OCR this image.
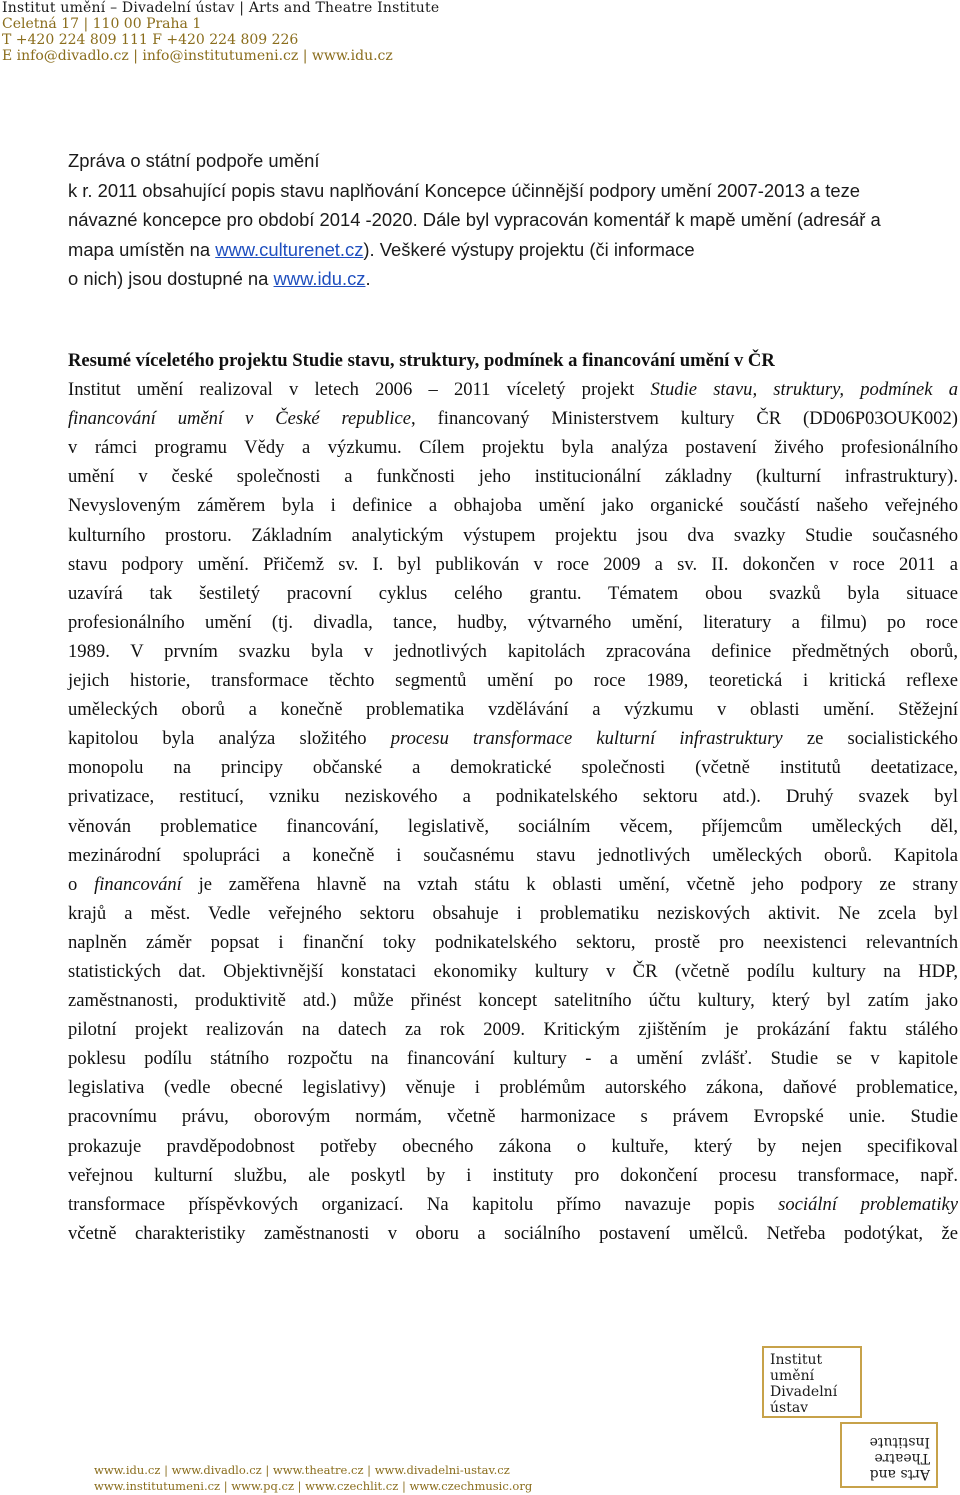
Institut umění – Divadelní ústav | Arts and Theatre Institute
Celetná 17 | 110 00 Praha 1
T +420 224 809 111 F +420 224 809 226
E info@divadlo.cz | info@institutumeni.cz | www.idu.cz
Zpráva o státní podpoře umění
k r. 2011 obsahující popis stavu naplňování Koncepce účinnější podpory umění 2007-2013 a teze
návazné koncepce pro období 2014 -2020. Dále byl vypracován komentář k mapě umění (adresář a
mapa umístěn na www.culturenet.cz). Veškeré výstupy projektu (či informace
o nich) jsou dostupné na www.idu.cz.
Resumé víceletého projektu Studie stavu, struktury, podmínek a financování umění v ČR
Institut umění realizoval v letech 2006 – 2011 víceletý projekt Studie stavu, struktury, podmínek a
financování umění v České republice, financovaný Ministerstvem kultury ČR (DD06P03OUK002)
v rámci programu Vědy a výzkumu. Cílem projektu byla analýza postavení živého profesionálního
umění v české společnosti a funkčnosti jeho institucionální základny (kulturní infrastruktury).
Nevysloveným záměrem byla i definice a obhajoba umění jako organické součástí našeho veřejného
kulturního prostoru. Základním analytickým výstupem projektu jsou dva svazky Studie současného
stavu podpory umění. Přičemž sv. I. byl publikován v roce 2009 a sv. II. dokončen v roce 2011 a
uzavírá tak šestiletý pracovní cyklus celého grantu. Tématem obou svazků byla situace
profesionálního umění (tj. divadla, tance, hudby, výtvarného umění, literatury a filmu) po roce
1989. V prvním svazku byla v jednotlivých kapitolách zpracována definice předmětných oborů,
jejich historie, transformace těchto segmentů umění po roce 1989, teoretická i kritická reflexe
uměleckých oborů a konečně problematika vzdělávání a výzkumu v oblasti umění. Stěžejní
kapitolou byla analýza složitého procesu transformace kulturní infrastruktury ze socialistického
monopolu na principy občanské a demokratické společnosti (včetně institutů deetatizace,
privatizace, restitucí, vzniku neziskového a podnikatelského sektoru atd.). Druhý svazek byl
věnován problematice financování, legislativě, sociálním věcem, příjemcům uměleckých děl,
mezinárodní spolupráci a konečně i současnému stavu jednotlivých uměleckých oborů. Kapitola
o financování je zaměřena hlavně na vztah státu k oblasti umění, včetně jeho podpory ze strany
krajů a měst. Vedle veřejného sektoru obsahuje i problematiku neziskových aktivit. Ne zcela byl
naplněn záměr popsat i finanční toky podnikatelského sektoru, prostě pro neexistenci relevantních
statistických dat. Objektivnější konstataci ekonomiky kultury v ČR (včetně podílu kultury na HDP,
zaměstnanosti, produktivitě atd.) může přinést koncept satelitního účtu kultury, který byl zatím jako
pilotní projekt realizován na datech za rok 2009. Kritickým zjištěním je prokázání faktu stálého
poklesu podílu státního rozpočtu na financování kultury - a umění zvlášť. Studie se v kapitole
legislativa (vedle obecné legislativy) věnuje i problémům autorského zákona, daňové problematice,
pracovnímu právu, oborovým normám, včetně harmonizace s právem Evropské unie. Studie
prokazuje pravděpodobnost potřeby obecného zákona o kultuře, který by nejen specifikoval
veřejnou kulturní službu, ale poskytl by i instituty pro dokončení procesu transformace, např.
transformace příspěvkových organizací. Na kapitolu přímo navazuje popis sociální problematiky
včetně charakteristiky zaměstnanosti v oboru a sociálního postavení umělců. Netřeba podotýkat, že
Institut
umění
Divadelní
ústav
Arts and
Theatre
Institute
www.idu.cz | www.divadlo.cz | www.theatre.cz | www.divadelni-ustav.cz
www.institutumeni.cz | www.pq.cz | www.czechlit.cz | www.czechmusic.org
